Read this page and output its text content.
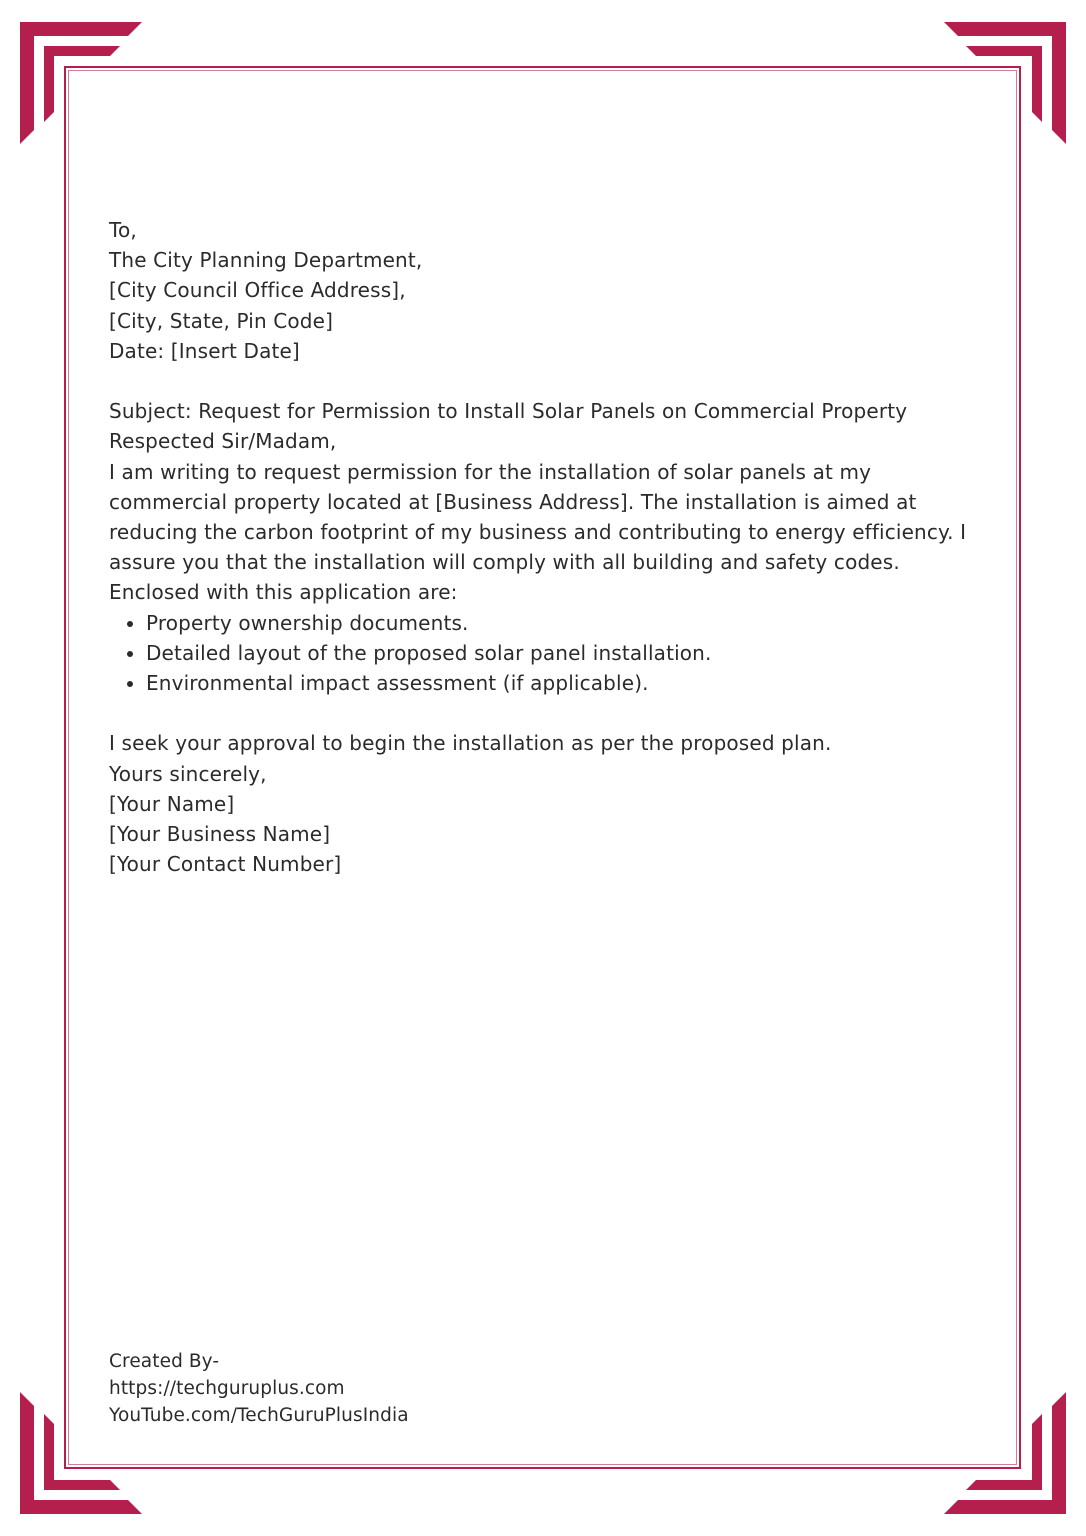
To,

The City Planning Department,

[City Council Office Address],

[City, State, Pin Code]

Date: [Insert Date]

Subject: Request for Permission to Install Solar Panels on Commercial Property

Respected Sir/Madam,

I am writing to request permission for the installation of solar panels at my commercial property located at [Business Address]. The installation is aimed at reducing the carbon footprint of my business and contributing to energy efficiency. I assure you that the installation will comply with all building and safety codes.

Enclosed with this application are:

• Property ownership documents.
• Detailed layout of the proposed solar panel installation.
• Environmental impact assessment (if applicable).

I seek your approval to begin the installation as per the proposed plan.

Yours sincerely,

[Your Name]

[Your Business Name]

[Your Contact Number]

Created By-

https://techguruplus.com

YouTube.com/TechGuruPlusIndia
